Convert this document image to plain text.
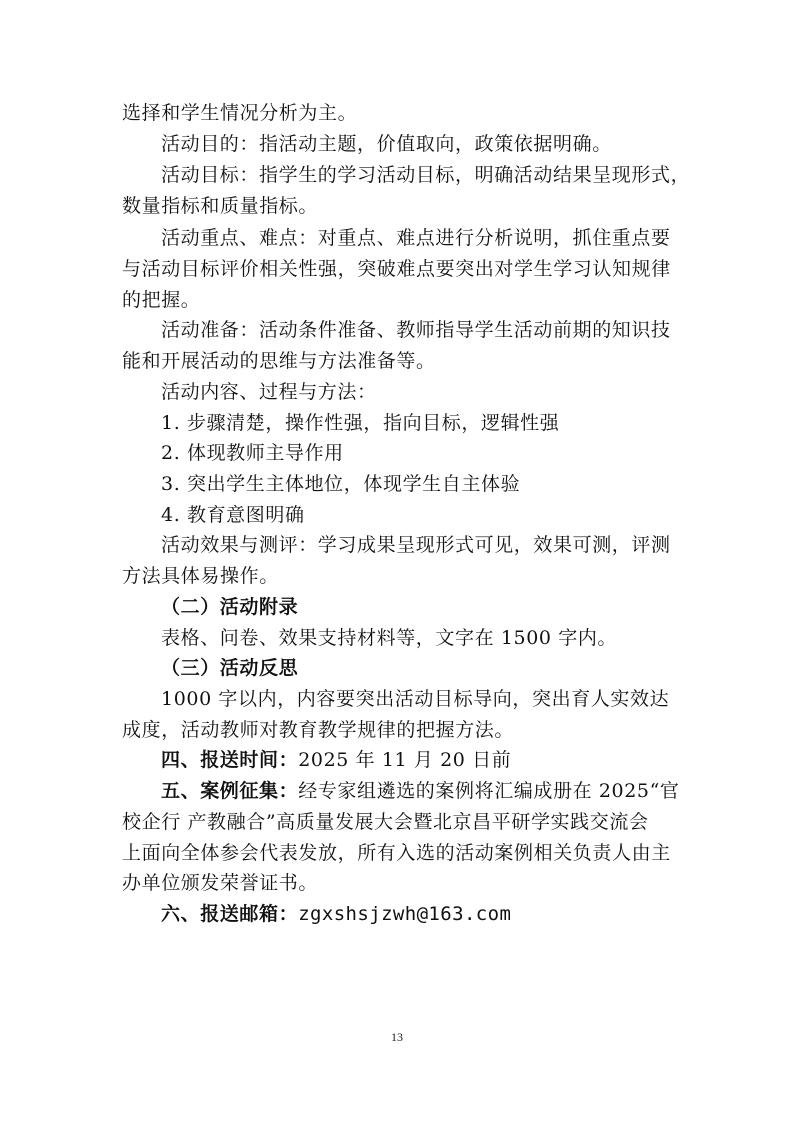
选择和学生情况分析为主。
活动目的：指活动主题，价值取向，政策依据明确。
活动目标：指学生的学习活动目标，明确活动结果呈现形式，
数量指标和质量指标。
活动重点、难点：对重点、难点进行分析说明，抓住重点要
与活动目标评价相关性强，突破难点要突出对学生学习认知规律
的把握。
活动准备：活动条件准备、教师指导学生活动前期的知识技
能和开展活动的思维与方法准备等。
活动内容、过程与方法：
1. 步骤清楚，操作性强，指向目标，逻辑性强
2. 体现教师主导作用
3. 突出学生主体地位，体现学生自主体验
4. 教育意图明确
活动效果与测评：学习成果呈现形式可见，效果可测，评测
方法具体易操作。
（二）活动附录
表格、问卷、效果支持材料等，文字在 1500 字内。
（三）活动反思
1000 字以内，内容要突出活动目标导向，突出育人实效达
成度，活动教师对教育教学规律的把握方法。
四、报送时间：2025 年 11 月 20 日前
五、案例征集：经专家组遴选的案例将汇编成册在 2025“官
校企行 产教融合”高质量发展大会暨北京昌平研学实践交流会
上面向全体参会代表发放，所有入选的活动案例相关负责人由主
办单位颁发荣誉证书。
六、报送邮箱：zgxshsjzwh@163.com
13
